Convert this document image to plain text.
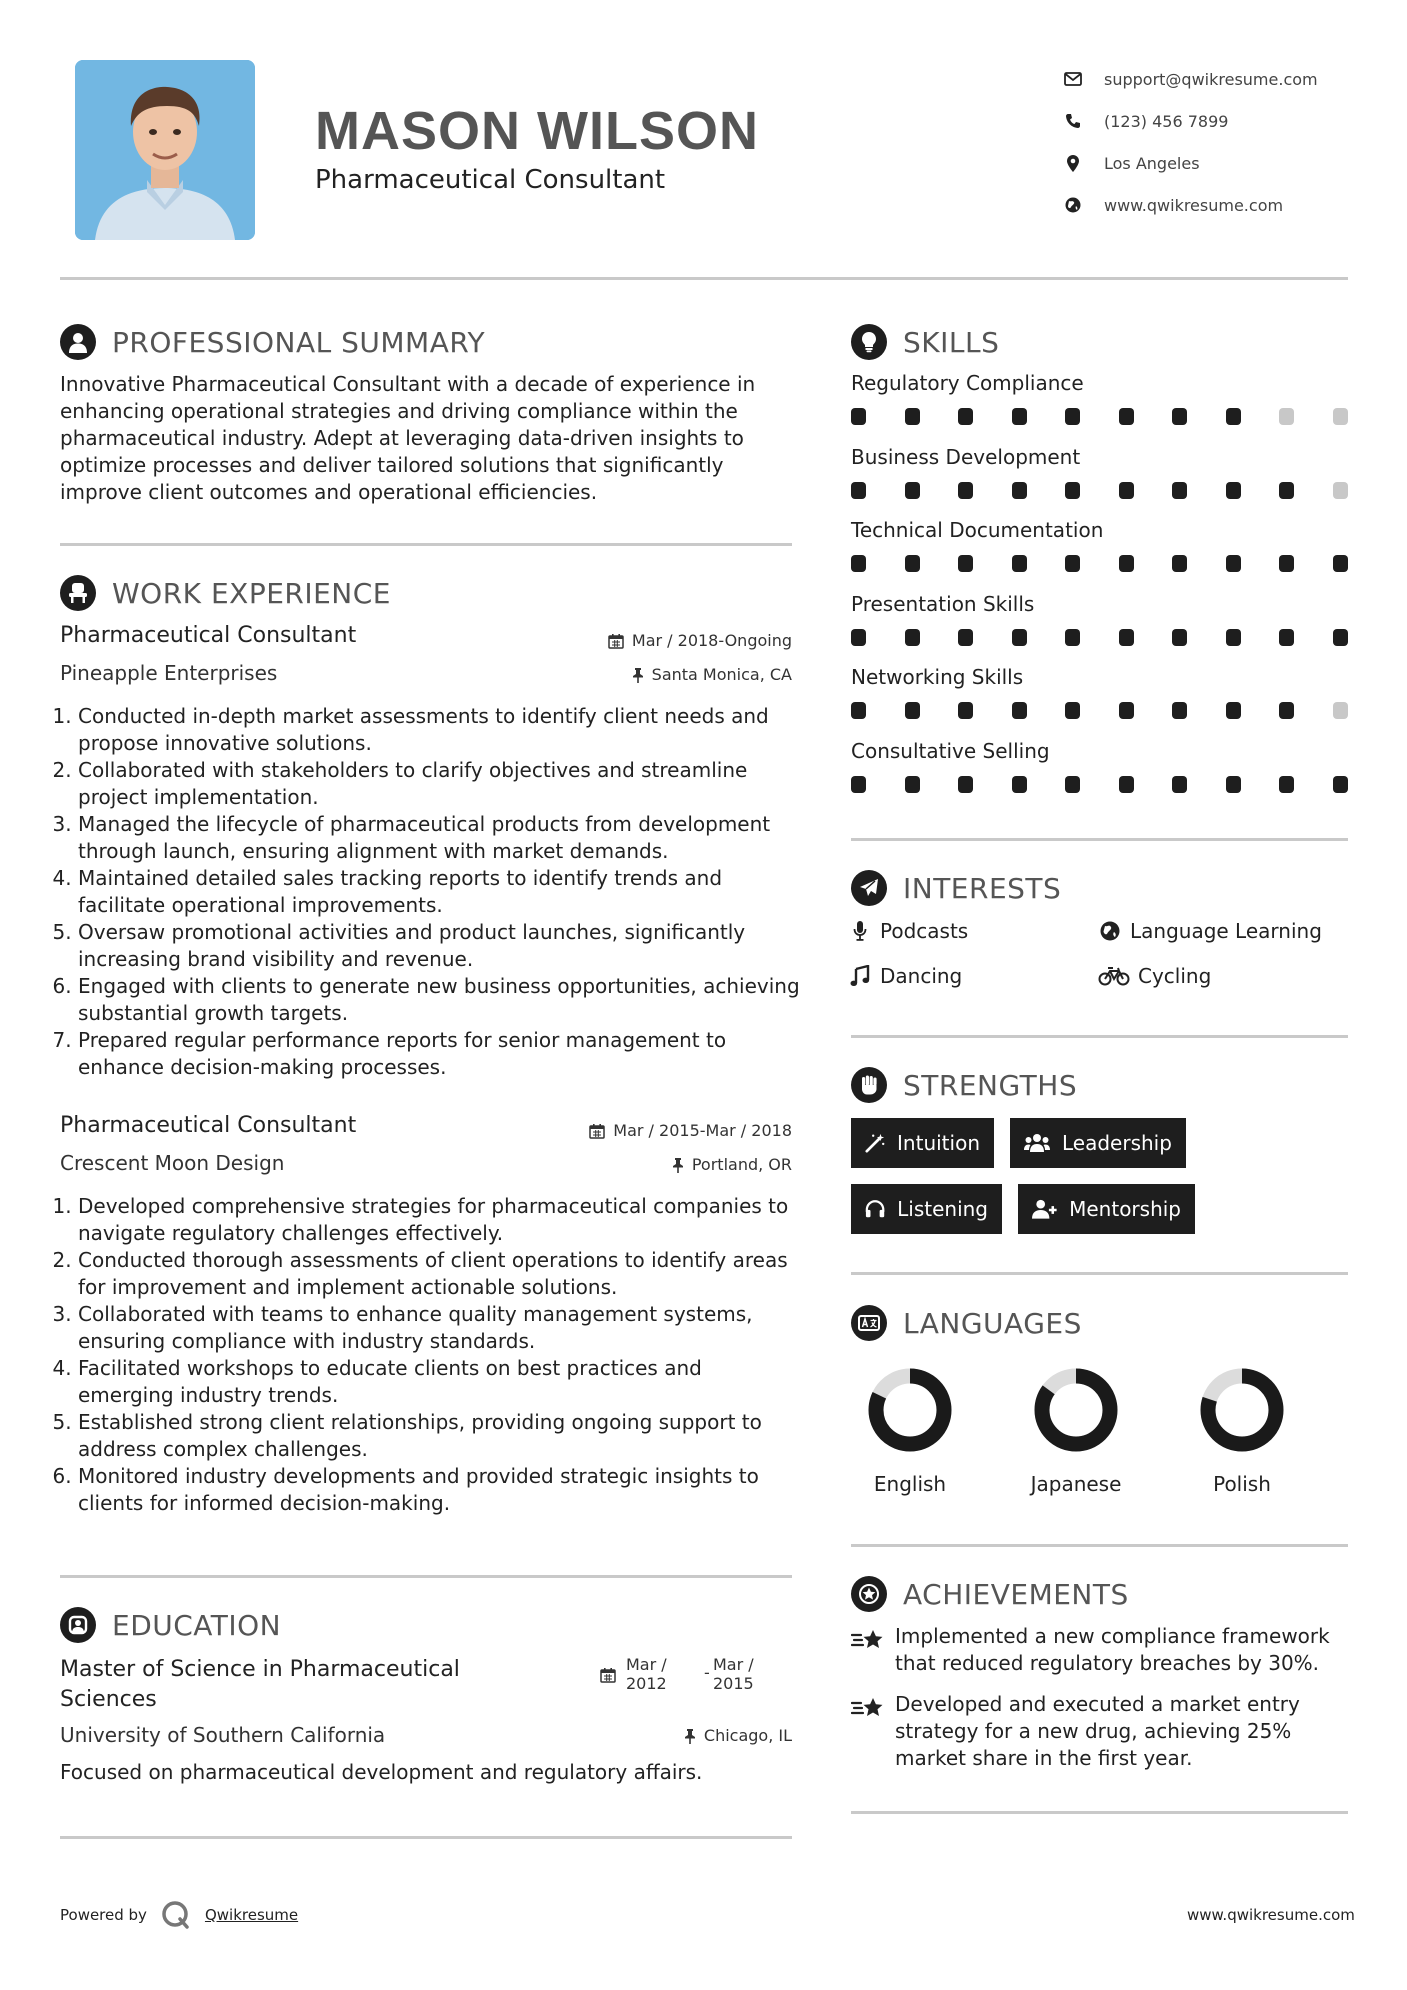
MASON WILSON
Pharmaceutical Consultant
support@qwikresume.com
(123) 456 7899
Los Angeles
www.qwikresume.com
PROFESSIONAL SUMMARY
Innovative Pharmaceutical Consultant with a decade of experience in
enhancing operational strategies and driving compliance within the
pharmaceutical industry. Adept at leveraging data-driven insights to
optimize processes and deliver tailored solutions that significantly
improve client outcomes and operational efficiencies.
WORK EXPERIENCE
Pharmaceutical Consultant	Mar / 2018-Ongoing
Pineapple Enterprises	Santa Monica, CA
1. Conducted in-depth market assessments to identify client needs and propose innovative solutions.
2. Collaborated with stakeholders to clarify objectives and streamline project implementation.
3. Managed the lifecycle of pharmaceutical products from development through launch, ensuring alignment with market demands.
4. Maintained detailed sales tracking reports to identify trends and facilitate operational improvements.
5. Oversaw promotional activities and product launches, significantly increasing brand visibility and revenue.
6. Engaged with clients to generate new business opportunities, achieving substantial growth targets.
7. Prepared regular performance reports for senior management to enhance decision-making processes.
Pharmaceutical Consultant	Mar / 2015-Mar / 2018
Crescent Moon Design	Portland, OR
1. Developed comprehensive strategies for pharmaceutical companies to navigate regulatory challenges effectively.
2. Conducted thorough assessments of client operations to identify areas for improvement and implement actionable solutions.
3. Collaborated with teams to enhance quality management systems, ensuring compliance with industry standards.
4. Facilitated workshops to educate clients on best practices and emerging industry trends.
5. Established strong client relationships, providing ongoing support to address complex challenges.
6. Monitored industry developments and provided strategic insights to clients for informed decision-making.
EDUCATION
Master of Science in Pharmaceutical Sciences
Mar / 2012
- Mar / 2015
University of Southern California	Chicago, IL
Focused on pharmaceutical development and regulatory affairs.
SKILLS
Regulatory Compliance
Business Development
Technical Documentation
Presentation Skills
Networking Skills
Consultative Selling
INTERESTS
Podcasts	Language Learning
Dancing	Cycling
STRENGTHS
Intuition	Leadership
Listening	Mentorship
LANGUAGES
English	Japanese	Polish
ACHIEVEMENTS
Implemented a new compliance framework
that reduced regulatory breaches by 30%.
Developed and executed a market entry
strategy for a new drug, achieving 25%
market share in the first year.
Powered by	Qwikresume	www.qwikresume.com
